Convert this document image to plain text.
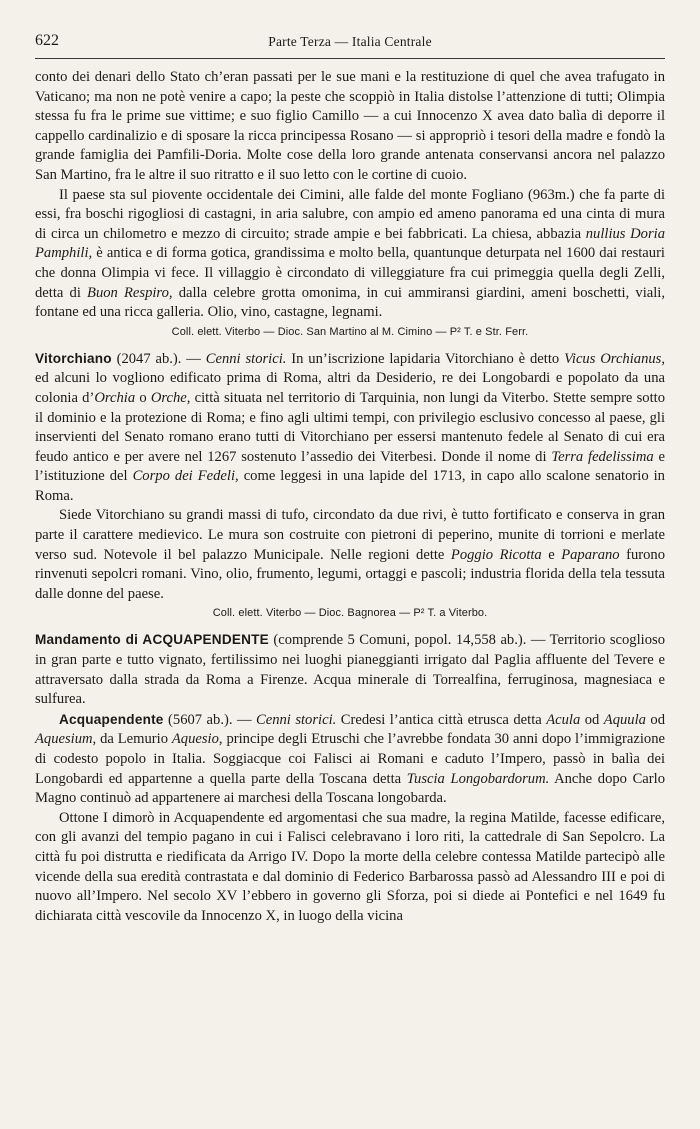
622	Parte Terza — Italia Centrale

conto dei denari dello Stato ch’eran passati per le sue mani e la restituzione di quel che avea trafugato in Vaticano; ma non ne potè venire a capo; la peste che scoppiò in Italia distolse l’attenzione di tutti; Olimpia stessa fu fra le prime sue vittime; e suo figlio Camillo — a cui Innocenzo X avea dato balìa di deporre il cappello cardinalizio e di sposare la ricca principessa Rosano — si appropriò i tesori della madre e fondò la grande famiglia dei Pamfili-Doria. Molte cose della loro grande antenata conservansi ancora nel palazzo San Martino, fra le altre il suo ritratto e il suo letto con le cortine di cuoio.

Il paese sta sul piovente occidentale dei Cimini, alle falde del monte Fogliano (963m.) che fa parte di essi, fra boschi rigogliosi di castagni, in aria salubre, con ampio ed ameno panorama ed una cinta di mura di circa un chilometro e mezzo di circuito; strade ampie e bei fabbricati. La chiesa, abbazia nullius Doria Pamphili, è antica e di forma gotica, grandissima e molto bella, quantunque deturpata nel 1600 dai restauri che donna Olimpia vi fece. Il villaggio è circondato di villeggiature fra cui primeggia quella degli Zelli, detta di Buon Respiro, dalla celebre grotta omonima, in cui ammiransi giardini, ameni boschetti, viali, fontane ed una ricca galleria. Olio, vino, castagne, legnami.

Coll. elett. Viterbo — Dioc. San Martino al M. Cimino — P² T. e Str. Ferr.

Vitorchiano (2047 ab.). — Cenni storici. In un’iscrizione lapidaria Vitorchiano è detto Vicus Orchianus, ed alcuni lo vogliono edificato prima di Roma, altri da Desiderio, re dei Longobardi e popolato da una colonia d’Orchia o Orche, città situata nel territorio di Tarquinia, non lungi da Viterbo. Stette sempre sotto il dominio e la protezione di Roma; e fino agli ultimi tempi, con privilegio esclusivo concesso al paese, gli inservienti del Senato romano erano tutti di Vitorchiano per essersi mantenuto fedele al Senato di cui era feudo antico e per avere nel 1267 sostenuto l’assedio dei Viterbesi. Donde il nome di Terra fedelissima e l’istituzione del Corpo dei Fedeli, come leggesi in una lapide del 1713, in capo allo scalone senatorio in Roma.

Siede Vitorchiano su grandi massi di tufo, circondato da due rivi, è tutto fortificato e conserva in gran parte il carattere medievico. Le mura son costruite con pietroni di peperino, munite di torrioni e merlate verso sud. Notevole il bel palazzo Municipale. Nelle regioni dette Poggio Ricotta e Paparano furono rinvenuti sepolcri romani. Vino, olio, frumento, legumi, ortaggi e pascoli; industria florida della tela tessuta dalle donne del paese.

Coll. elett. Viterbo — Dioc. Bagnorea — P² T. a Viterbo.

Mandamento di ACQUAPENDENTE (comprende 5 Comuni, popol. 14,558 ab.). — Territorio scoglioso in gran parte e tutto vignato, fertilissimo nei luoghi pianeggianti irrigato dal Paglia affluente del Tevere e attraversato dalla strada da Roma a Firenze. Acqua minerale di Torrealfina, ferruginosa, magnesiaca e sulfurea.

Acquapendente (5607 ab.). — Cenni storici. Credesi l’antica città etrusca detta Acula od Aquula od Aquesium, da Lemurio Aquesio, principe degli Etruschi che l’avrebbe fondata 30 anni dopo l’immigrazione di codesto popolo in Italia. Soggiacque coi Falisci ai Romani e caduto l’Impero, passò in balìa dei Longobardi ed appartenne a quella parte della Toscana detta Tuscia Longobardorum. Anche dopo Carlo Magno continuò ad appartenere ai marchesi della Toscana longobarda.

Ottone I dimorò in Acquapendente ed argomentasi che sua madre, la regina Matilde, facesse edificare, con gli avanzi del tempio pagano in cui i Falisci celebravano i loro riti, la cattedrale di San Sepolcro. La città fu poi distrutta e riedificata da Arrigo IV. Dopo la morte della celebre contessa Matilde partecipò alle vicende della sua eredità contrastata e dal dominio di Federico Barbarossa passò ad Alessandro III e poi di nuovo all’Impero. Nel secolo XV l’ebbero in governo gli Sforza, poi si diede ai Pontefici e nel 1649 fu dichiarata città vescovile da Innocenzo X, in luogo della vicina
